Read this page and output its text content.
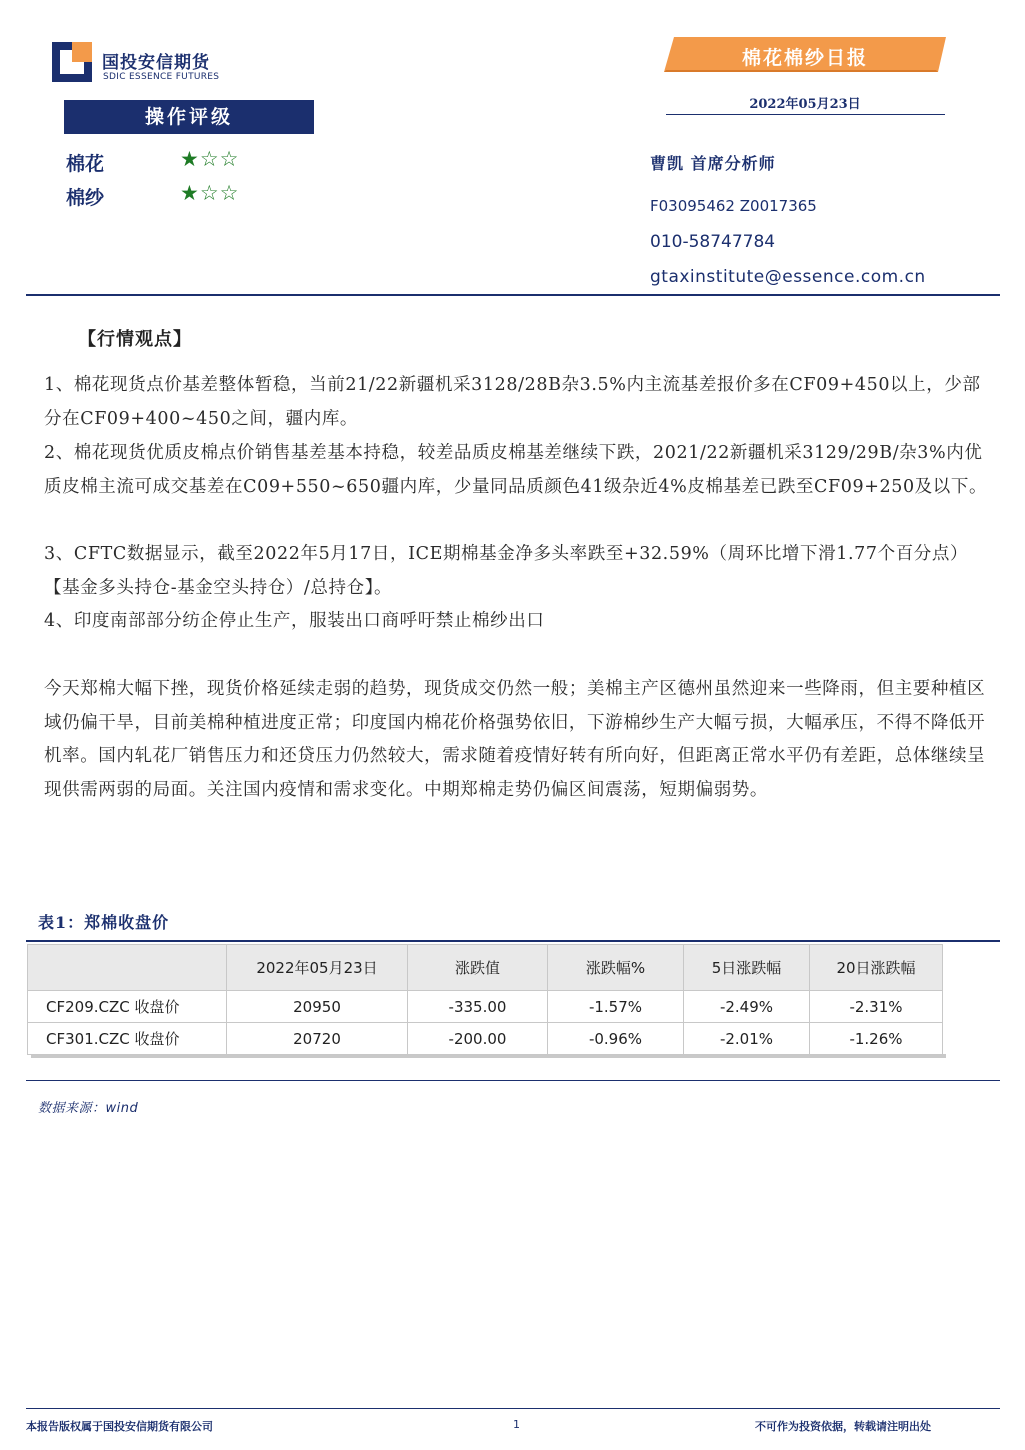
国投安信期货
SDIC ESSENCE FUTURES
棉花棉纱日报
2022年05月23日
操作评级
棉花	★☆☆
棉纱	★☆☆
曹凯 首席分析师
F03095462 Z0017365
010-58747784
gtaxinstitute@essence.com.cn
【行情观点】
1、棉花现货点价基差整体暂稳，当前21/22新疆机采3128/28B杂3.5%内主流基差报价多在CF09+450以上，少部分在CF09+400~450之间，疆内库。
2、棉花现货优质皮棉点价销售基差基本持稳，较差品质皮棉基差继续下跌，2021/22新疆机采3129/29B/杂3%内优质皮棉主流可成交基差在C09+550~650疆内库，少量同品质颜色41级杂近4%皮棉基差已跌至CF09+250及以下。
3、CFTC数据显示，截至2022年5月17日，ICE期棉基金净多头率跌至+32.59%（周环比增下滑1.77个百分点）【基金多头持仓-基金空头持仓）/总持仓】。
4、印度南部部分纺企停止生产，服装出口商呼吁禁止棉纱出口
今天郑棉大幅下挫，现货价格延续走弱的趋势，现货成交仍然一般；美棉主产区德州虽然迎来一些降雨，但主要种植区域仍偏干旱，目前美棉种植进度正常；印度国内棉花价格强势依旧，下游棉纱生产大幅亏损，大幅承压，不得不降低开机率。国内轧花厂销售压力和还贷压力仍然较大，需求随着疫情好转有所向好，但距离正常水平仍有差距，总体继续呈现供需两弱的局面。关注国内疫情和需求变化。中期郑棉走势仍偏区间震荡，短期偏弱势。
表1：郑棉收盘价
	2022年05月23日	涨跌值	涨跌幅%	5日涨跌幅	20日涨跌幅
CF209.CZC 收盘价	20950	-335.00	-1.57%	-2.49%	-2.31%
CF301.CZC 收盘价	20720	-200.00	-0.96%	-2.01%	-1.26%
数据来源：wind
本报告版权属于国投安信期货有限公司	1	不可作为投资依据，转载请注明出处
